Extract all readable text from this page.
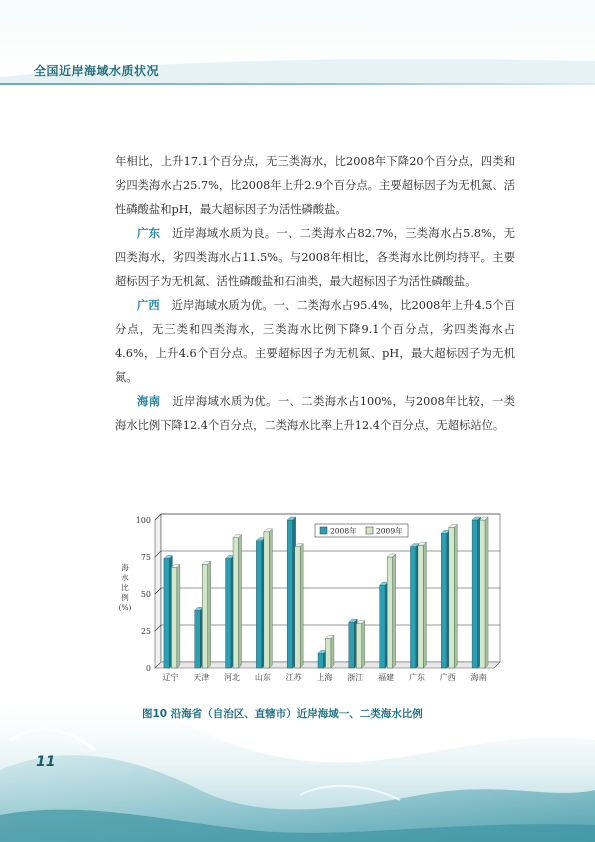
全国近岸海域水质状况

年相比，上升17.1个百分点，无三类海水，比2008年下降20个百分点，四类和劣四类海水占25.7%，比2008年上升2.9个百分点。主要超标因子为无机氮、活性磷酸盐和pH，最大超标因子为活性磷酸盐。

广东 近岸海域水质为良。一、二类海水占82.7%，三类海水占5.8%，无四类海水，劣四类海水占11.5%。与2008年相比，各类海水比例均持平。主要超标因子为无机氮、活性磷酸盐和石油类，最大超标因子为活性磷酸盐。

广西 近岸海域水质为优。一、二类海水占95.4%，比2008年上升4.5个百分点，无三类和四类海水，三类海水比例下降9.1个百分点，劣四类海水占4.6%，上升4.6个百分点。主要超标因子为无机氮、pH，最大超标因子为无机氮。

海南 近岸海域水质为优。一、二类海水占100%，与2008年比较，一类海水比例下降12.4个百分点，二类海水比率上升12.4个百分点，无超标站位。

0
25
50
75
100
海
水
比
例
(%)
辽宁 天津 河北 山东 江苏 上海 浙江 福建 广东 广西 海南
2008年	2009年
图10 沿海省（自治区、直辖市）近岸海域一、二类海水比例
11
